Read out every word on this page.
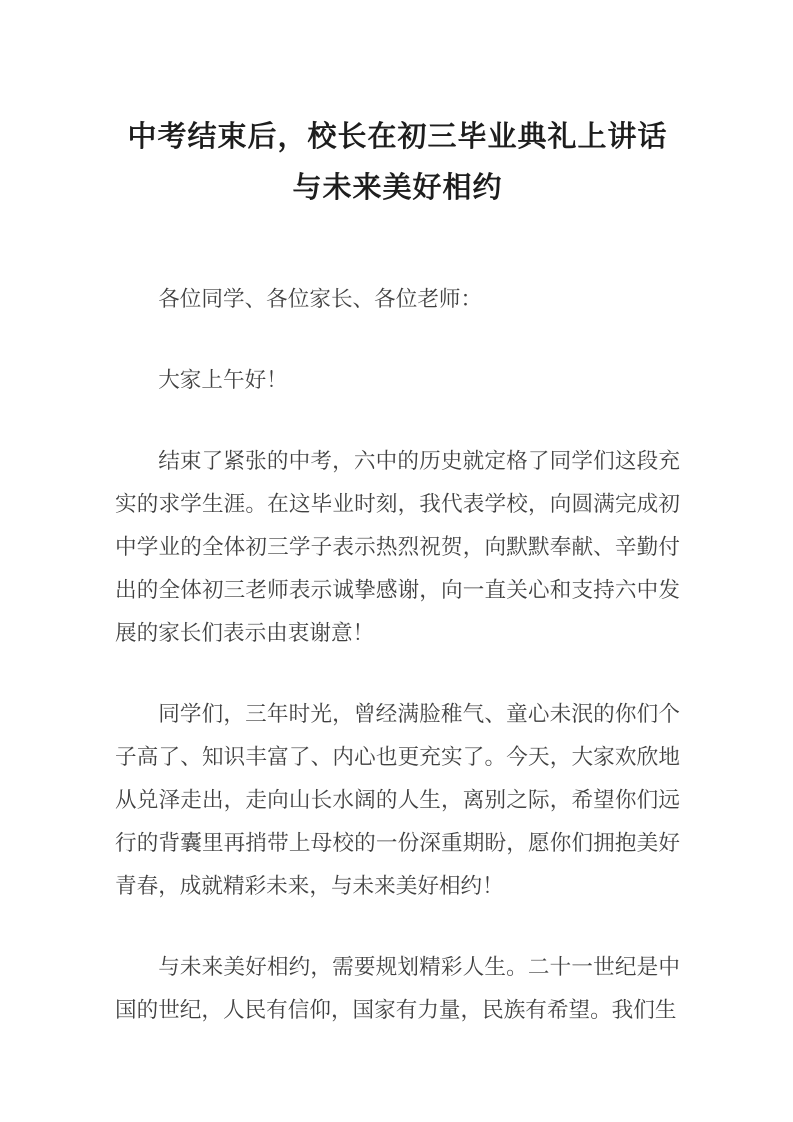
中考结束后，校长在初三毕业典礼上讲话与未来美好相约

各位同学、各位家长、各位老师：

大家上午好！

结束了紧张的中考，六中的历史就定格了同学们这段充实的求学生涯。在这毕业时刻，我代表学校，向圆满完成初中学业的全体初三学子表示热烈祝贺，向默默奉献、辛勤付出的全体初三老师表示诚挚感谢，向一直关心和支持六中发展的家长们表示由衷谢意！

同学们，三年时光，曾经满脸稚气、童心未泯的你们个子高了、知识丰富了、内心也更充实了。今天，大家欢欣地从兑泽走出，走向山长水阔的人生，离别之际，希望你们远行的背囊里再捎带上母校的一份深重期盼，愿你们拥抱美好青春，成就精彩未来，与未来美好相约！

与未来美好相约，需要规划精彩人生。二十一世纪是中国的世纪，人民有信仰，国家有力量，民族有希望。我们生
